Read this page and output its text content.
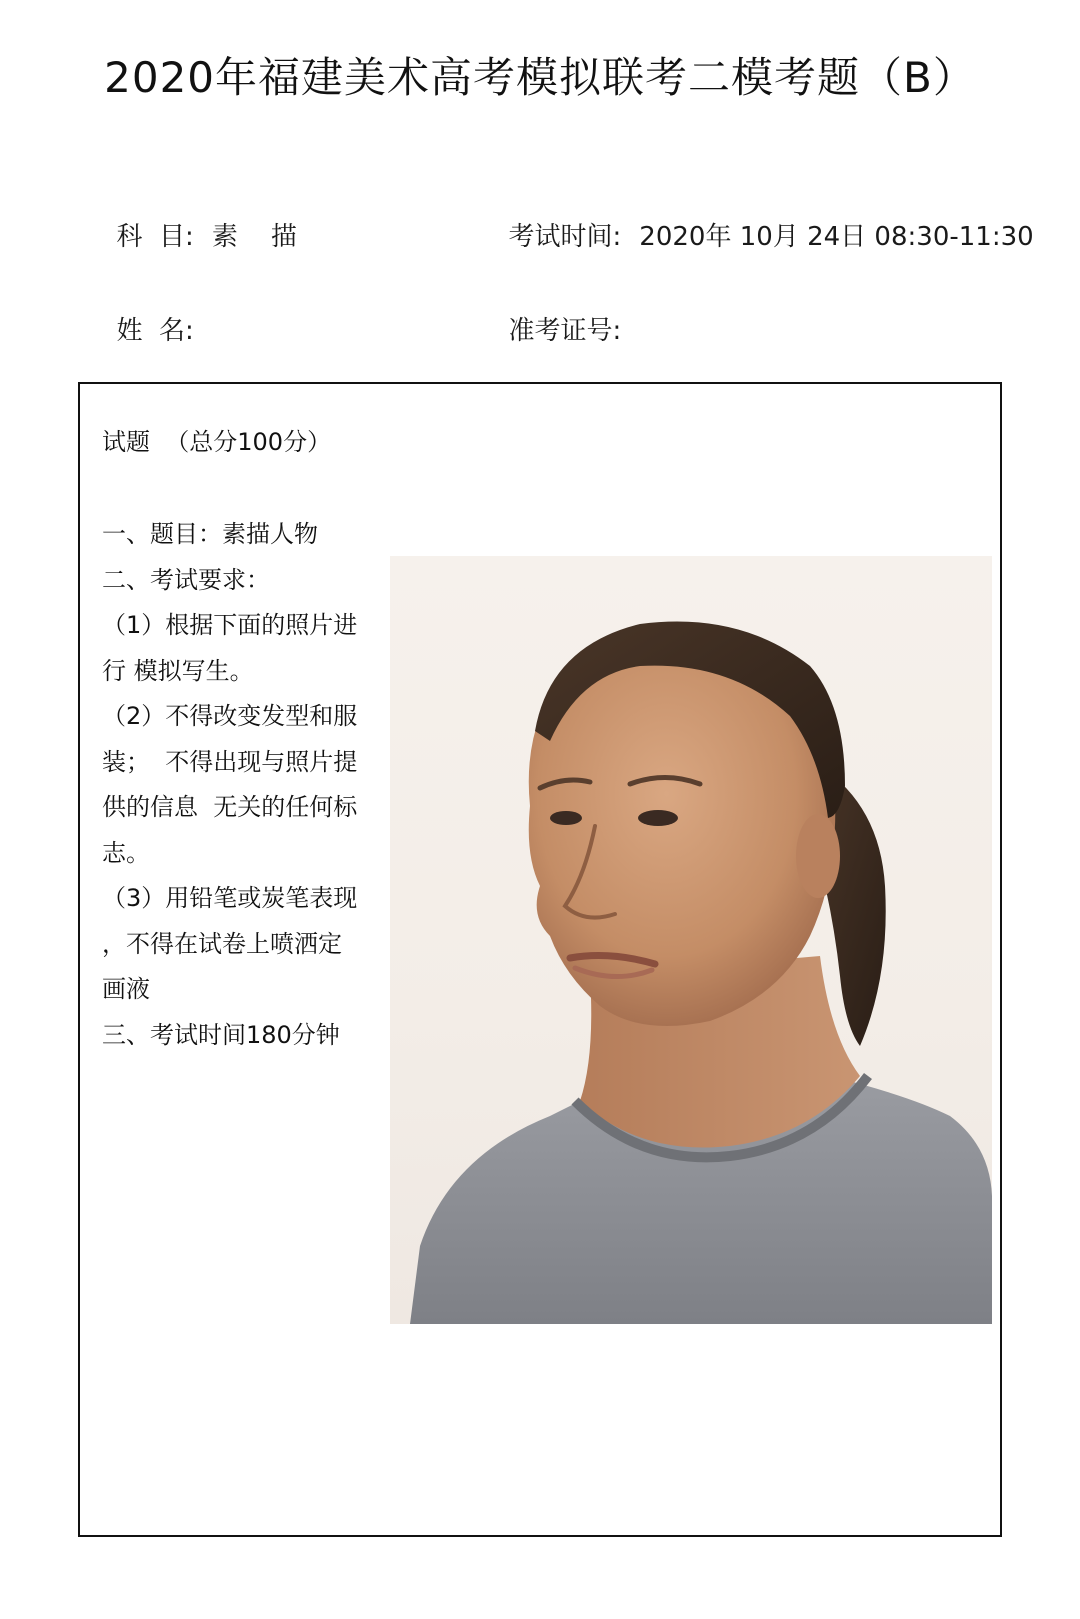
2020年福建美术高考模拟联考二模考题（B）

科  目: 素    描	考试时间: 2020年 10月 24日 08:30-11:30

姓  名:	准考证号:

试题 （总分100分）
一、题目：素描人物
二、考试要求：
（1）根据下面的照片进
行 模拟写生。
（2）不得改变发型和服
装；  不得出现与照片提
供的信息  无关的任何标
志。
（3）用铅笔或炭笔表现
，不得在试卷上喷洒定
画液
三、考试时间180分钟
